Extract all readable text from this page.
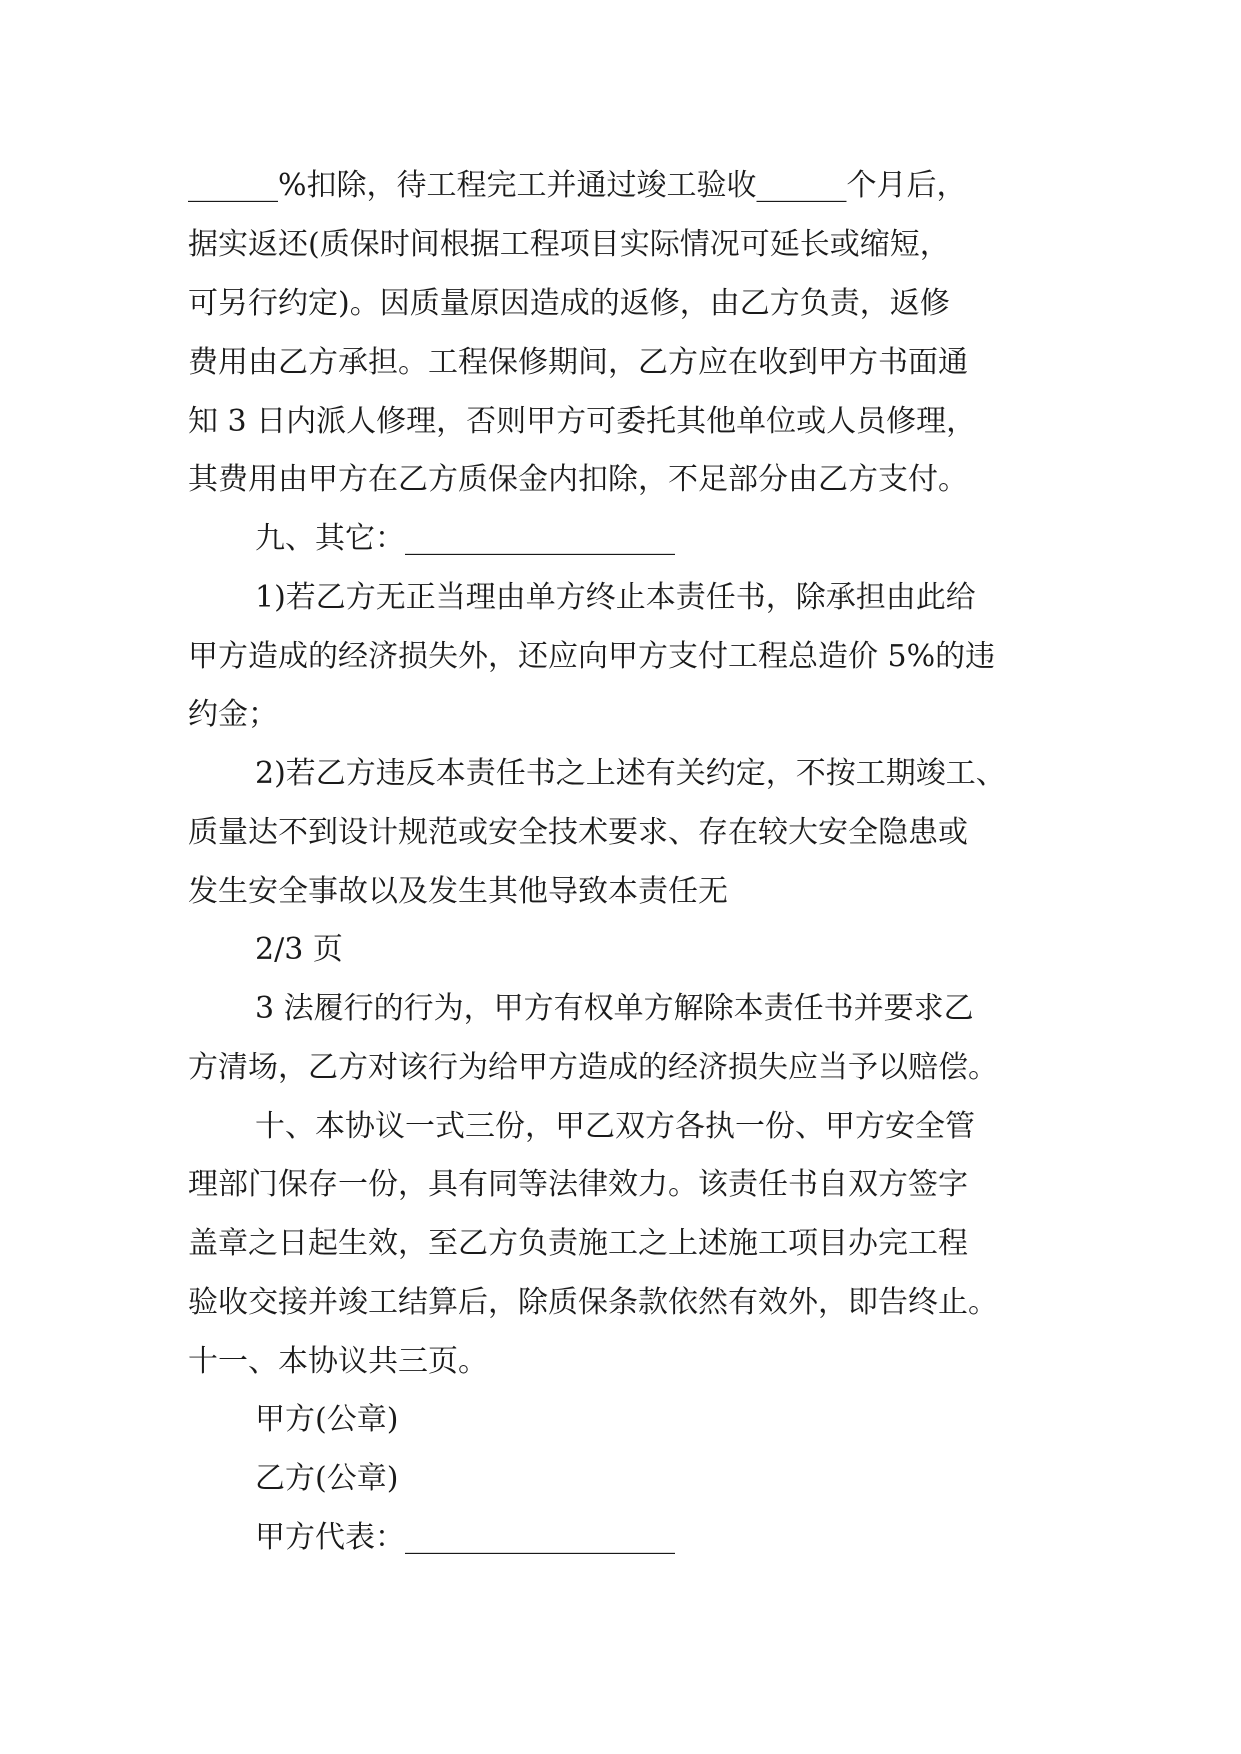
______%扣除，待工程完工并通过竣工验收______个月后，
据实返还(质保时间根据工程项目实际情况可延长或缩短，
可另行约定)。因质量原因造成的返修，由乙方负责，返修
费用由乙方承担。工程保修期间，乙方应在收到甲方书面通
知 3 日内派人修理，否则甲方可委托其他单位或人员修理，
其费用由甲方在乙方质保金内扣除，不足部分由乙方支付。
九、其它：__________________
1)若乙方无正当理由单方终止本责任书，除承担由此给
甲方造成的经济损失外，还应向甲方支付工程总造价 5%的违
约金；
2)若乙方违反本责任书之上述有关约定，不按工期竣工、
质量达不到设计规范或安全技术要求、存在较大安全隐患或
发生安全事故以及发生其他导致本责任无
2/3 页
3 法履行的行为，甲方有权单方解除本责任书并要求乙
方清场，乙方对该行为给甲方造成的经济损失应当予以赔偿。
十、本协议一式三份，甲乙双方各执一份、甲方安全管
理部门保存一份，具有同等法律效力。该责任书自双方签字
盖章之日起生效，至乙方负责施工之上述施工项目办完工程
验收交接并竣工结算后，除质保条款依然有效外，即告终止。
十一、本协议共三页。
甲方(公章)
乙方(公章)
甲方代表：__________________
